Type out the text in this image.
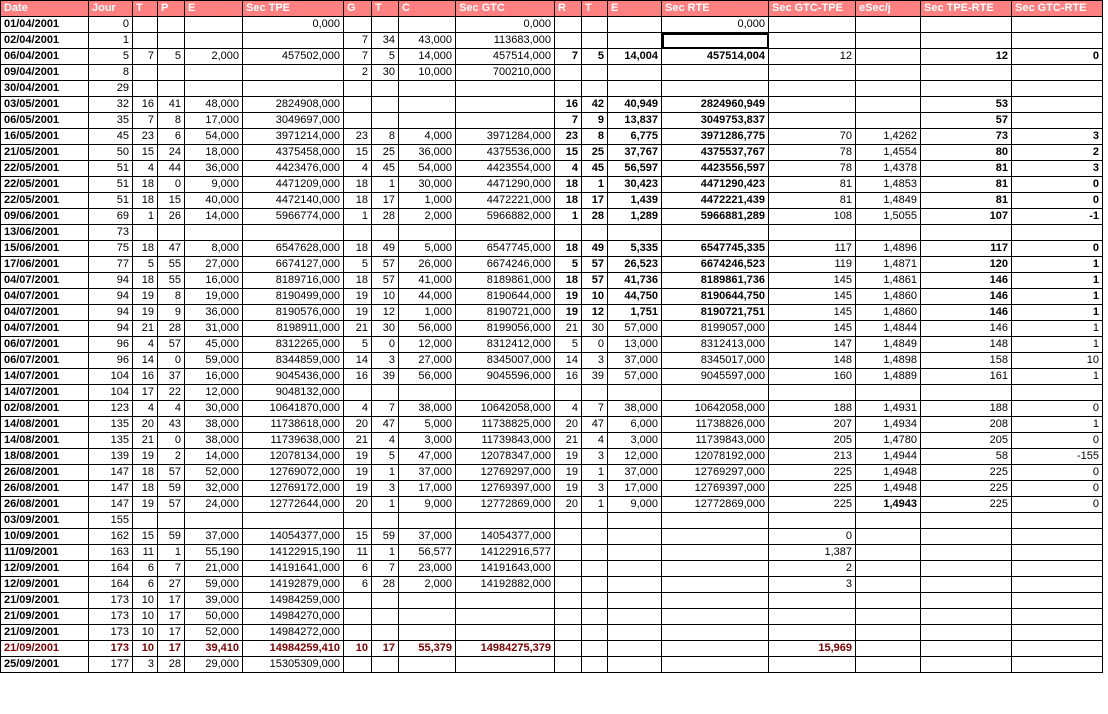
Date	Jour	T	P	E	Sec TPE	G	T	C	Sec GTC	R	T	E	Sec RTE	Sec GTC-TPE	eSec/j	Sec TPE-RTE	Sec GTC-RTE
01/04/2001	0				0,000				0,000				0,000				
02/04/2001	1					7	34	43,000	113683,000								
06/04/2001	5	7	5	2,000	457502,000	7	5	14,000	457514,000	7	5	14,004	457514,004	12		12	0
09/04/2001	8					2	30	10,000	700210,000								
30/04/2001	29																
03/05/2001	32	16	41	48,000	2824908,000					16	42	40,949	2824960,949			53	
06/05/2001	35	7	8	17,000	3049697,000					7	9	13,837	3049753,837			57	
16/05/2001	45	23	6	54,000	3971214,000	23	8	4,000	3971284,000	23	8	6,775	3971286,775	70	1,4262	73	3
21/05/2001	50	15	24	18,000	4375458,000	15	25	36,000	4375536,000	15	25	37,767	4375537,767	78	1,4554	80	2
22/05/2001	51	4	44	36,000	4423476,000	4	45	54,000	4423554,000	4	45	56,597	4423556,597	78	1,4378	81	3
22/05/2001	51	18	0	9,000	4471209,000	18	1	30,000	4471290,000	18	1	30,423	4471290,423	81	1,4853	81	0
22/05/2001	51	18	15	40,000	4472140,000	18	17	1,000	4472221,000	18	17	1,439	4472221,439	81	1,4849	81	0
09/06/2001	69	1	26	14,000	5966774,000	1	28	2,000	5966882,000	1	28	1,289	5966881,289	108	1,5055	107	-1
13/06/2001	73																
15/06/2001	75	18	47	8,000	6547628,000	18	49	5,000	6547745,000	18	49	5,335	6547745,335	117	1,4896	117	0
17/06/2001	77	5	55	27,000	6674127,000	5	57	26,000	6674246,000	5	57	26,523	6674246,523	119	1,4871	120	1
04/07/2001	94	18	55	16,000	8189716,000	18	57	41,000	8189861,000	18	57	41,736	8189861,736	145	1,4861	146	1
04/07/2001	94	19	8	19,000	8190499,000	19	10	44,000	8190644,000	19	10	44,750	8190644,750	145	1,4860	146	1
04/07/2001	94	19	9	36,000	8190576,000	19	12	1,000	8190721,000	19	12	1,751	8190721,751	145	1,4860	146	1
04/07/2001	94	21	28	31,000	8198911,000	21	30	56,000	8199056,000	21	30	57,000	8199057,000	145	1,4844	146	1
06/07/2001	96	4	57	45,000	8312265,000	5	0	12,000	8312412,000	5	0	13,000	8312413,000	147	1,4849	148	1
06/07/2001	96	14	0	59,000	8344859,000	14	3	27,000	8345007,000	14	3	37,000	8345017,000	148	1,4898	158	10
14/07/2001	104	16	37	16,000	9045436,000	16	39	56,000	9045596,000	16	39	57,000	9045597,000	160	1,4889	161	1
14/07/2001	104	17	22	12,000	9048132,000												
02/08/2001	123	4	4	30,000	10641870,000	4	7	38,000	10642058,000	4	7	38,000	10642058,000	188	1,4931	188	0
14/08/2001	135	20	43	38,000	11738618,000	20	47	5,000	11738825,000	20	47	6,000	11738826,000	207	1,4934	208	1
14/08/2001	135	21	0	38,000	11739638,000	21	4	3,000	11739843,000	21	4	3,000	11739843,000	205	1,4780	205	0
18/08/2001	139	19	2	14,000	12078134,000	19	5	47,000	12078347,000	19	3	12,000	12078192,000	213	1,4944	58	-155
26/08/2001	147	18	57	52,000	12769072,000	19	1	37,000	12769297,000	19	1	37,000	12769297,000	225	1,4948	225	0
26/08/2001	147	18	59	32,000	12769172,000	19	3	17,000	12769397,000	19	3	17,000	12769397,000	225	1,4948	225	0
26/08/2001	147	19	57	24,000	12772644,000	20	1	9,000	12772869,000	20	1	9,000	12772869,000	225	1,4943	225	0
03/09/2001	155																
10/09/2001	162	15	59	37,000	14054377,000	15	59	37,000	14054377,000					0			
11/09/2001	163	11	1	55,190	14122915,190	11	1	56,577	14122916,577					1,387			
12/09/2001	164	6	7	21,000	14191641,000	6	7	23,000	14191643,000					2			
12/09/2001	164	6	27	59,000	14192879,000	6	28	2,000	14192882,000					3			
21/09/2001	173	10	17	39,000	14984259,000												
21/09/2001	173	10	17	50,000	14984270,000												
21/09/2001	173	10	17	52,000	14984272,000												
21/09/2001	173	10	17	39,410	14984259,410	10	17	55,379	14984275,379					15,969			
25/09/2001	177	3	28	29,000	15305309,000												
